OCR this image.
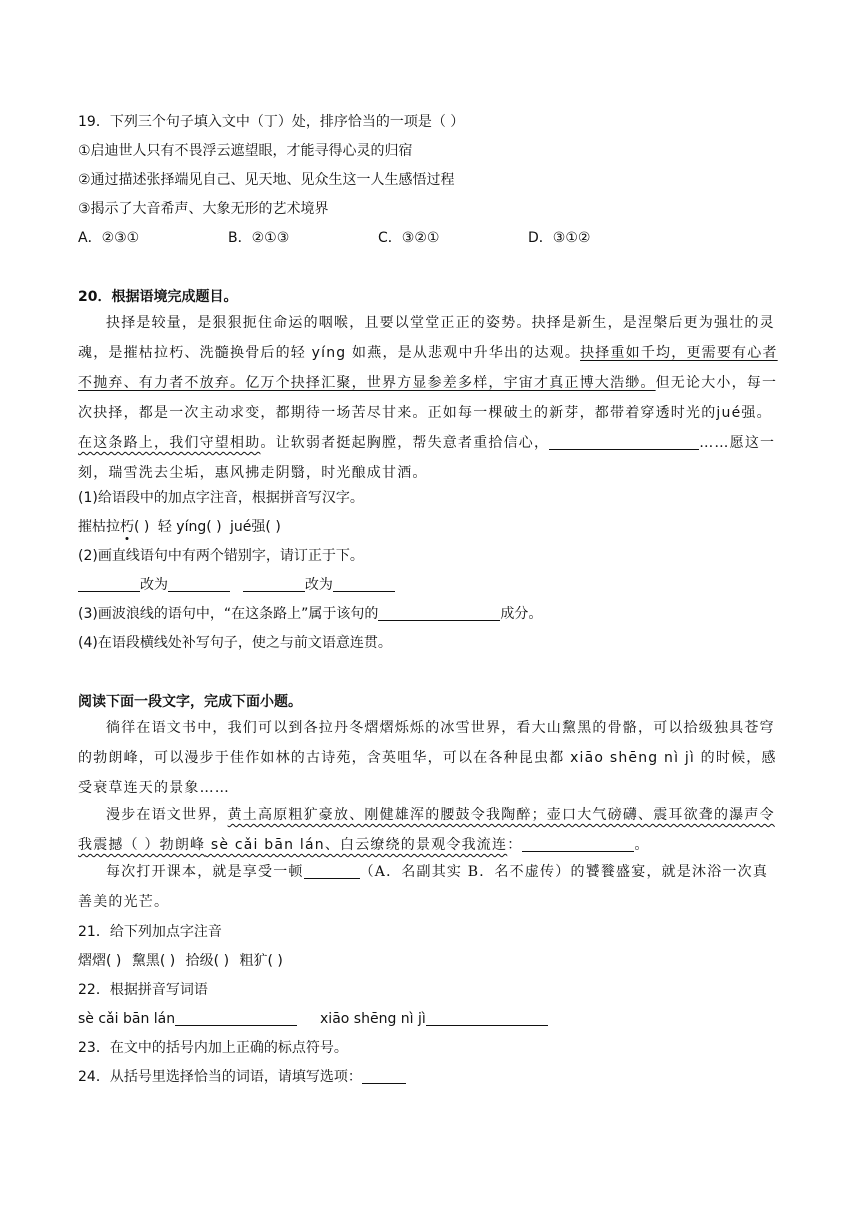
19．下列三个句子填入文中（丁）处，排序恰当的一项是（ ）
①启迪世人只有不畏浮云遮望眼，才能寻得心灵的归宿
②通过描述张择端见自己、见天地、见众生这一人生感悟过程
③揭示了大音希声、大象无形的艺术境界
A．②③①	B．②①③	C．③②①	D．③①②
20．根据语境完成题目。
抉择是较量，是狠狠扼住命运的咽喉，且要以堂堂正正的姿势。抉择是新生，是涅槃后更为强壮的灵魂，是摧枯拉朽、洗髓换骨后的轻 yíng 如燕，是从悲观中升华出的达观。抉择重如千均，更需要有心者不抛弃、有力者不放弃。亿万个抉择汇聚，世界方显参差多样，宇宙才真正博大浩缈。但无论大小，每一次抉择，都是一次主动求变，都期待一场苦尽甘来。正如每一棵破土的新芽，都带着穿透时光的jué强。在这条路上，我们守望相助。让软弱者挺起胸膛，帮失意者重拾信心，	……愿这一刻，瑞雪洗去尘垢，惠风拂走阴翳，时光酿成甘酒。
(1)给语段中的加点字注音，根据拼音写汉字。
摧枯拉朽( ) 轻 yíng( ) jué强( )
(2)画直线语句中有两个错别字，请订正于下。
改为	改为
(3)画波浪线的语句中，“在这条路上”属于该句的	成分。
(4)在语段横线处补写句子，使之与前文语意连贯。
阅读下面一段文字，完成下面小题。
徜徉在语文书中，我们可以到各拉丹冬熠熠烁烁的冰雪世界，看大山黧黑的骨骼，可以拾级独具苍穹的勃朗峰，可以漫步于佳作如林的古诗苑，含英咀华，可以在各种昆虫都 xiāo shēng nì jì 的时候，感受衰草连天的景象……
漫步在语文世界，黄土高原粗犷豪放、刚健雄浑的腰鼓令我陶醉；壶口大气磅礴、震耳欲聋的瀑声令我震撼（ ）勃朗峰 sè cǎi bān lán、白云缭绕的景观令我流连：	。
每次打开课本，就是享受一顿	（A．名副其实 B．名不虚传）的饕餮盛宴，就是沐浴一次真善美的光芒。
21．给下列加点字注音
熠熠( ) 黧黑( ) 拾级( ) 粗犷( )
22．根据拼音写词语
sè cǎi bān lán	xiāo shēng nì jì
23．在文中的括号内加上正确的标点符号。
24．从括号里选择恰当的词语，请填写选项：
